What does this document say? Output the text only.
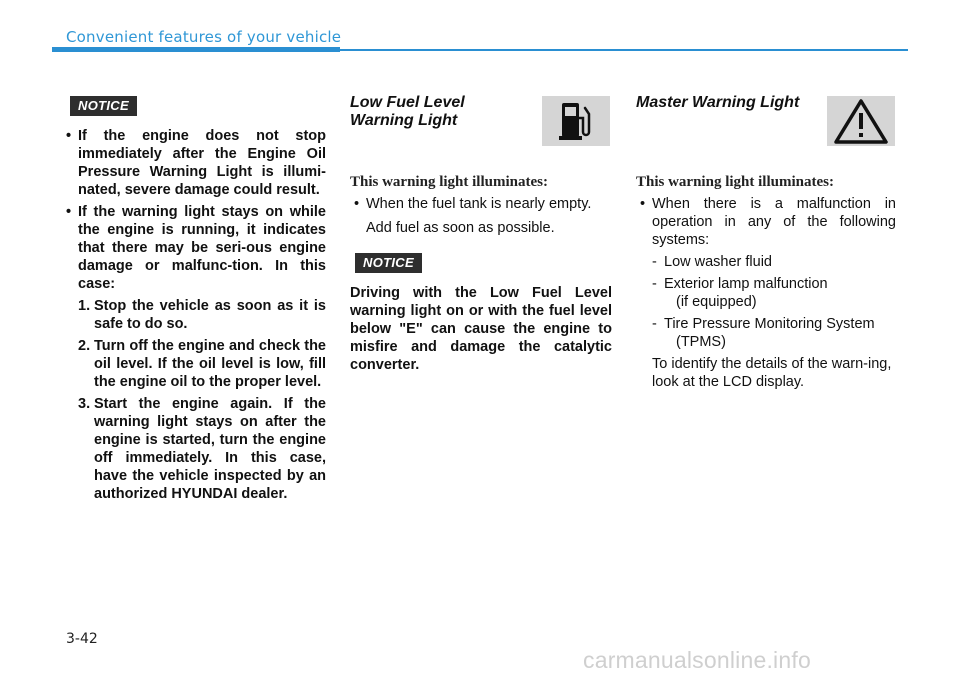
Convenient features of your vehicle
NOTICE
• If the engine does not stop immediately after the Engine Oil Pressure Warning Light is illumi-nated, severe damage could result.
• If the warning light stays on while the engine is running, it indicates that there may be seri-ous engine damage or malfunc-tion. In this case:
1. Stop the vehicle as soon as it is safe to do so.
2. Turn off the engine and check the oil level. If the oil level is low, fill the engine oil to the proper level.
3. Start the engine again. If the warning light stays on after the engine is started, turn the engine off immediately. In this case, have the vehicle inspected by an authorized HYUNDAI dealer.
Low Fuel Level
Warning Light
This warning light illuminates:
• When the fuel tank is nearly empty.
Add fuel as soon as possible.
NOTICE
Driving with the Low Fuel Level warning light on or with the fuel level below "E" can cause the engine to misfire and damage the catalytic converter.
Master Warning Light
This warning light illuminates:
• When there is a malfunction in operation in any of the following systems:
- Low washer fluid
- Exterior lamp malfunction
(if equipped)
- Tire Pressure Monitoring System
(TPMS)
To identify the details of the warn-ing, look at the LCD display.
3-42
carmanualsonline.info
